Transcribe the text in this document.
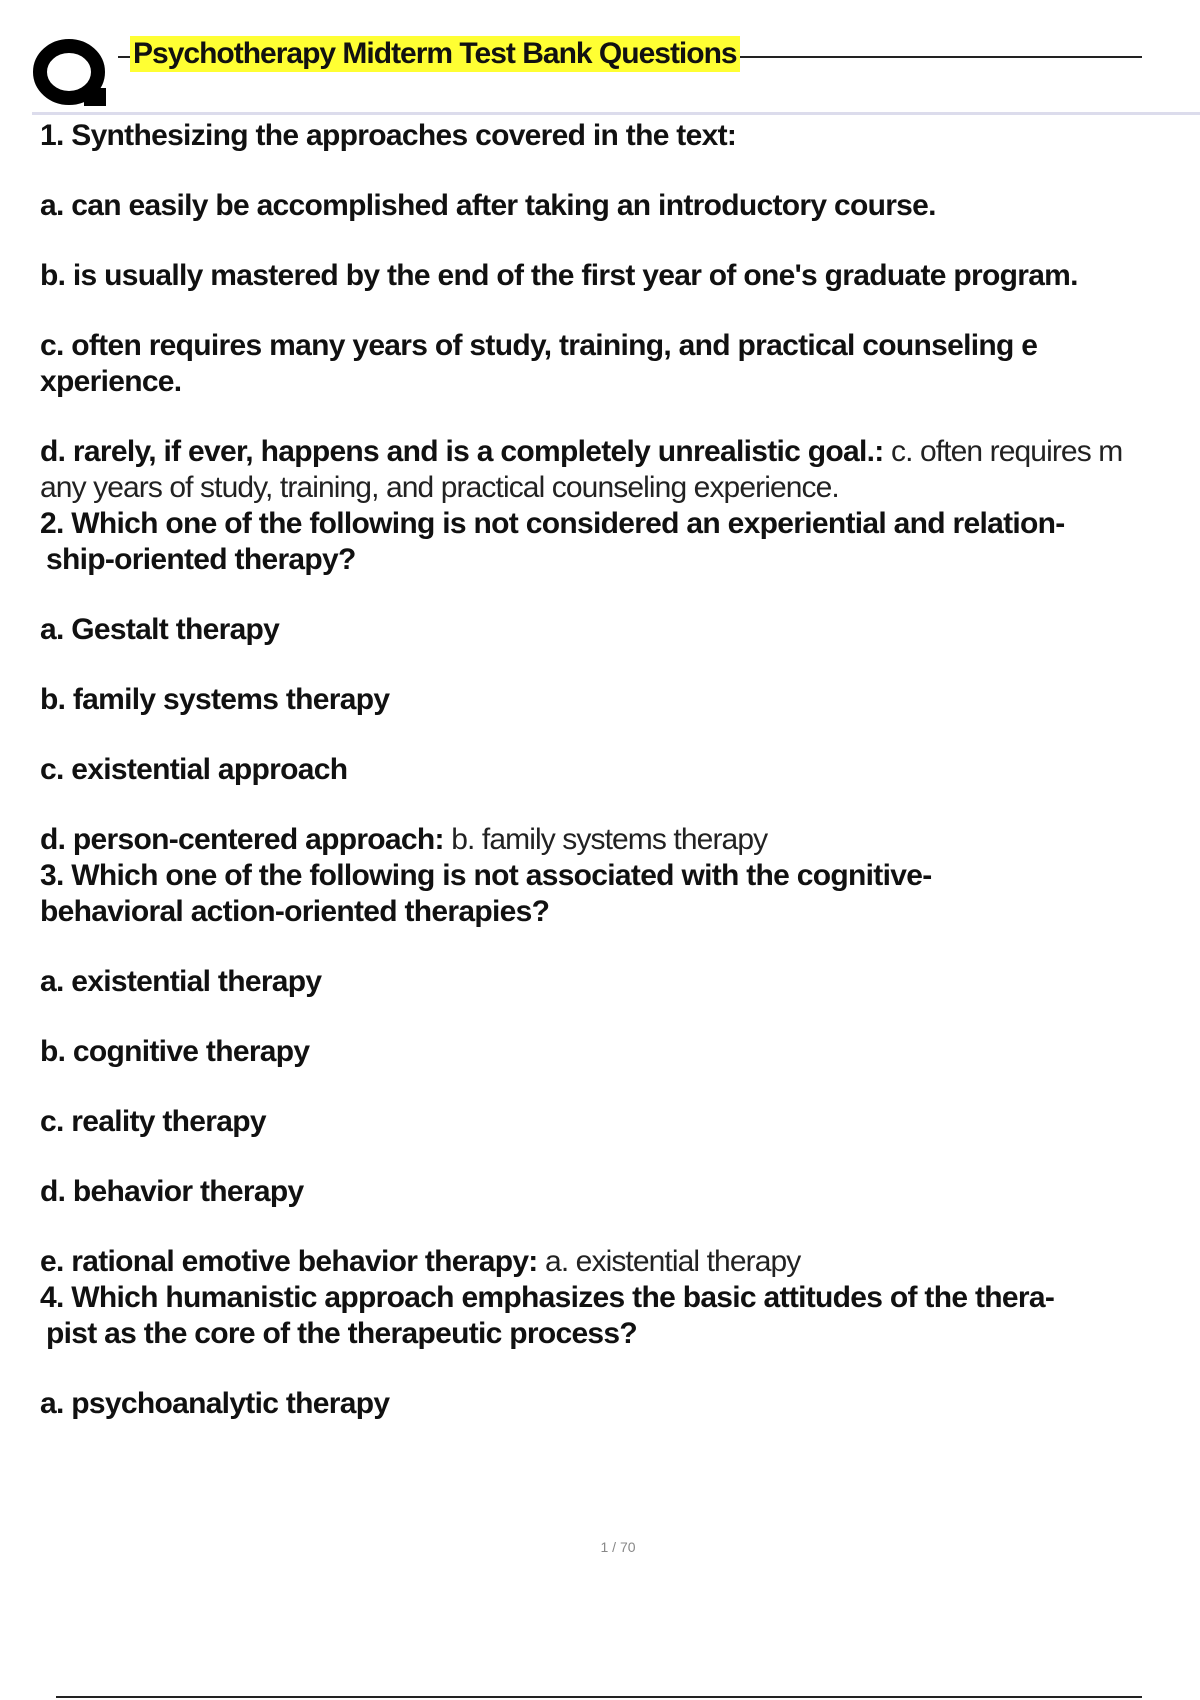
Psychotherapy Midterm Test Bank Questions

1. Synthesizing the approaches covered in the text:

a. can easily be accomplished after taking an introductory course.

b. is usually mastered by the end of the first year of one's graduate program.

c. often requires many years of study, training, and practical counseling e
xperience.

d. rarely, if ever, happens and is a completely unrealistic goal.: c. often requires m
any years of study, training, and practical counseling experience.

2. Which one of the following is not considered an experiential and relation-
ship-oriented therapy?

a. Gestalt therapy

b. family systems therapy

c. existential approach

d. person-centered approach: b. family systems therapy

3. Which one of the following is not associated with the cognitive-
behavioral action-oriented therapies?

a. existential therapy

b. cognitive therapy

c. reality therapy

d. behavior therapy

e. rational emotive behavior therapy: a. existential therapy

4. Which humanistic approach emphasizes the basic attitudes of the thera-
pist as the core of the therapeutic process?

a. psychoanalytic therapy

1 / 70
